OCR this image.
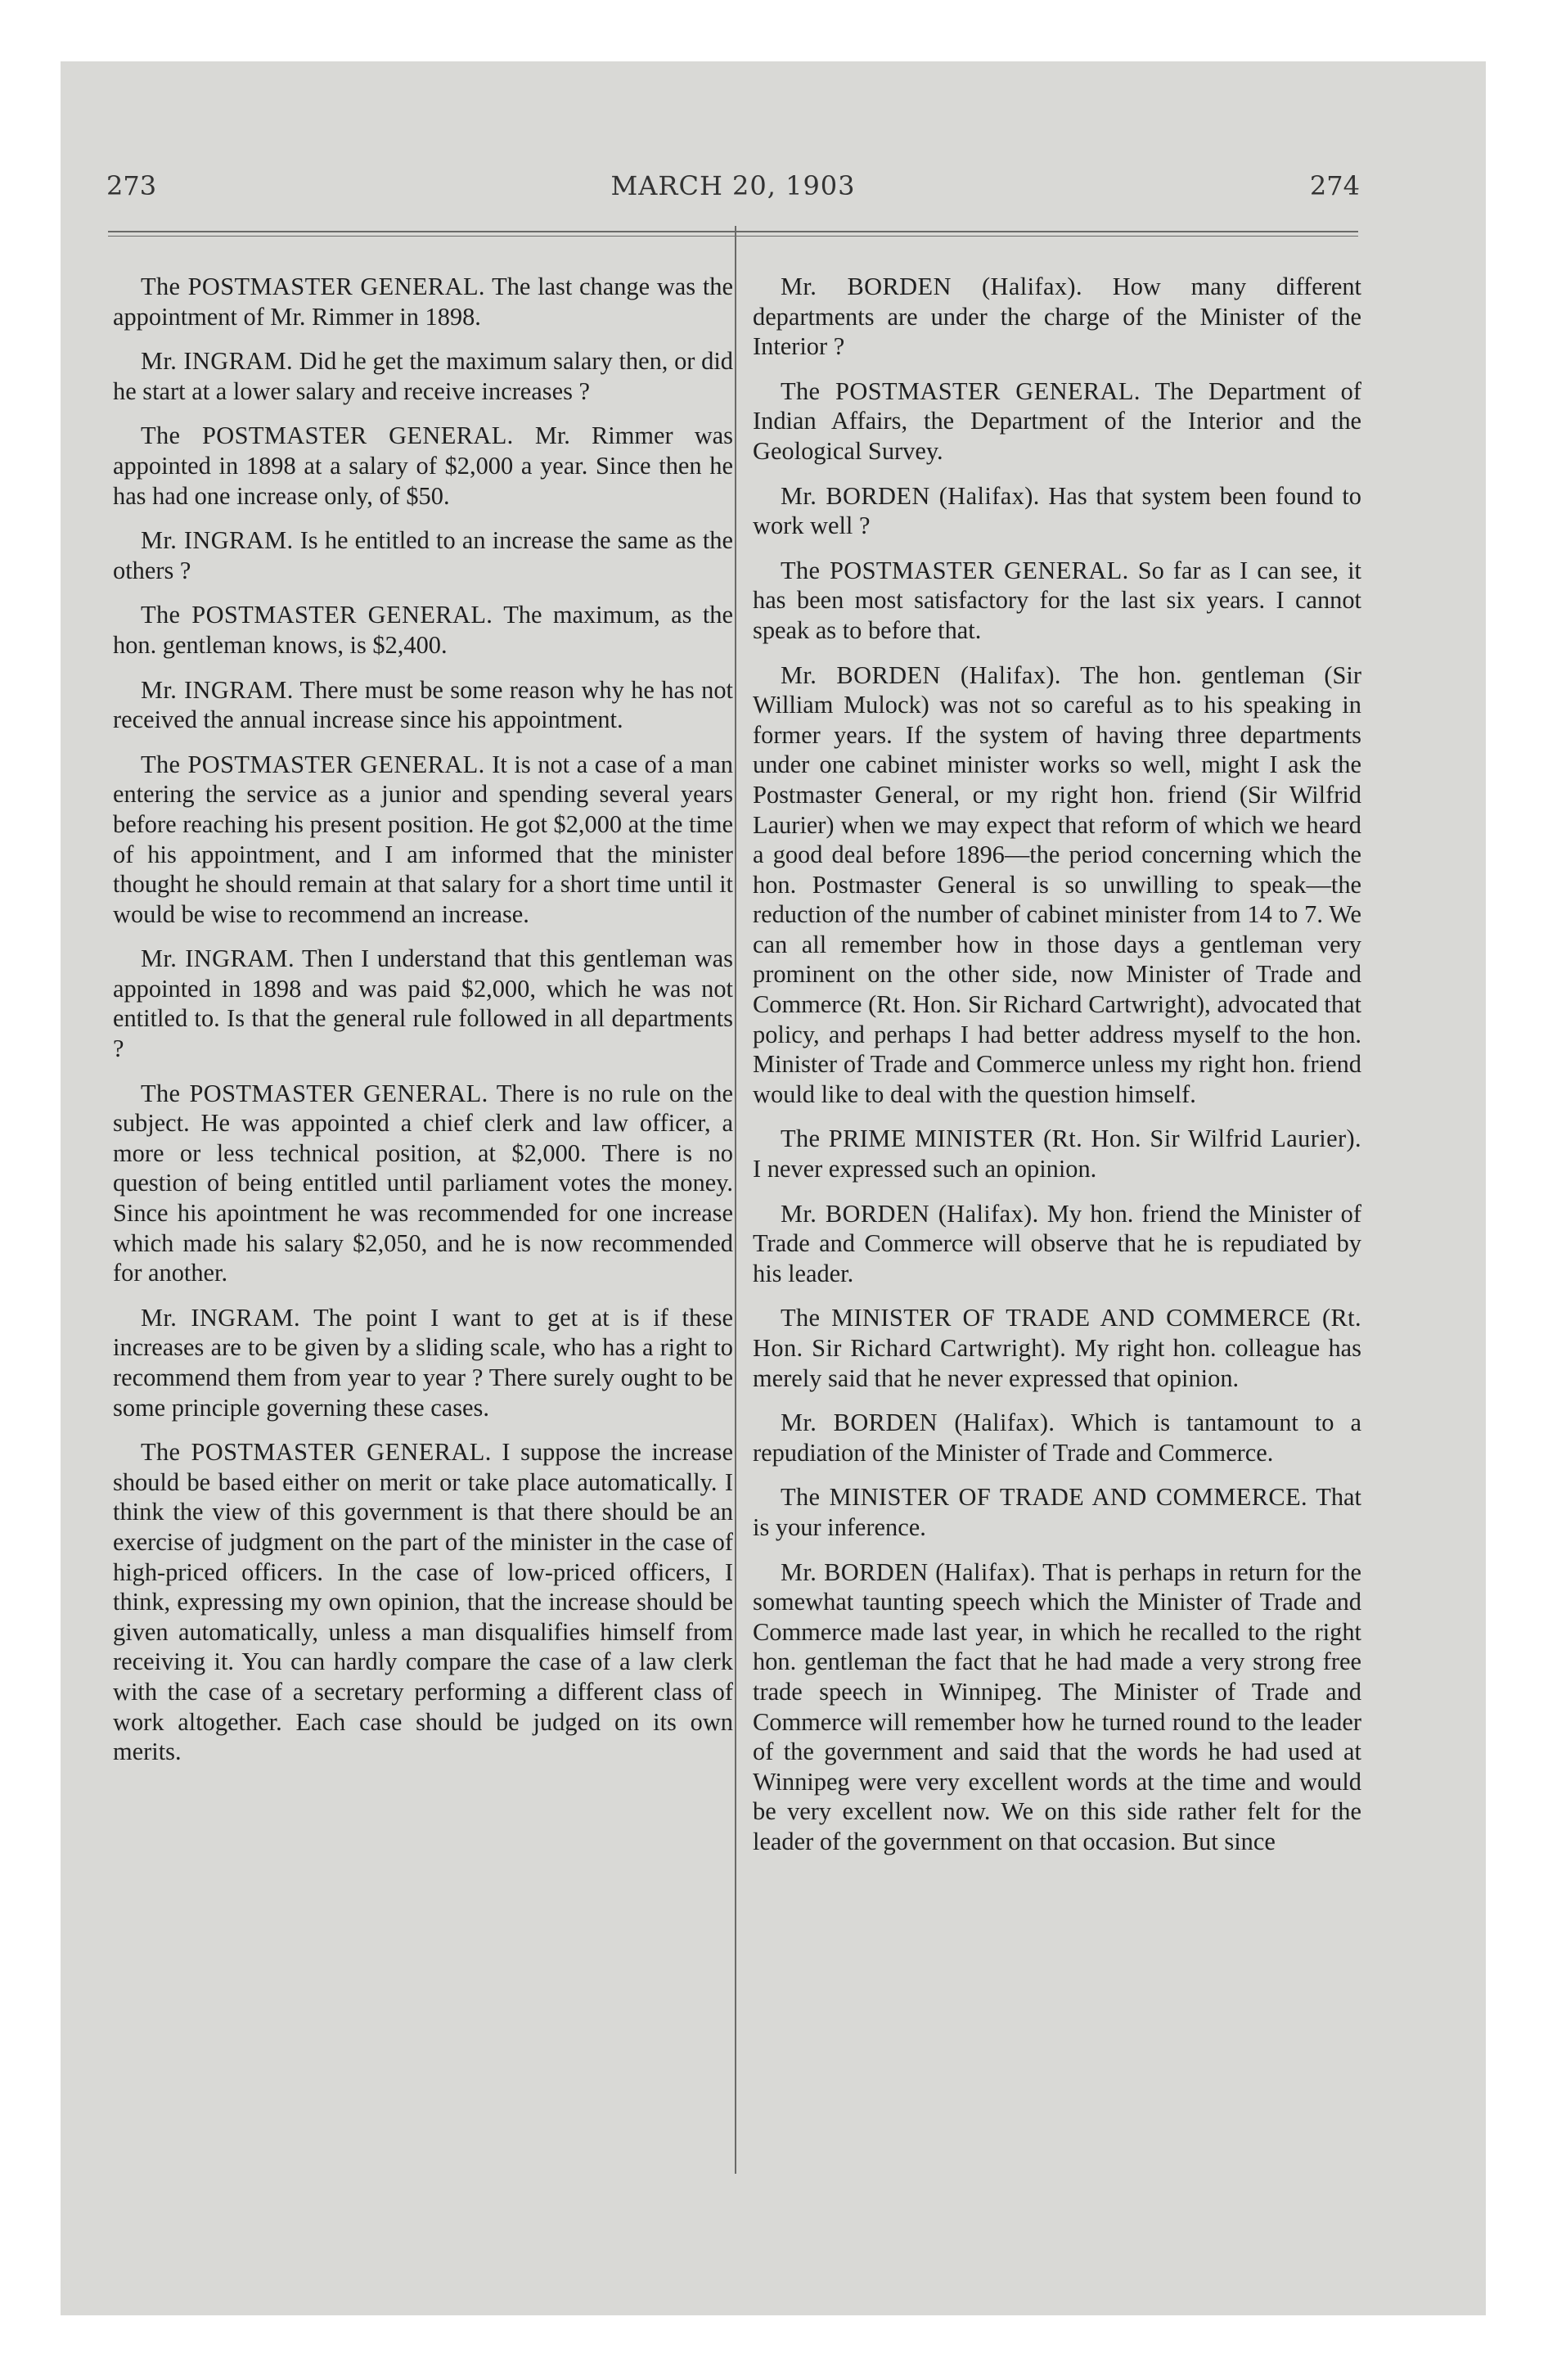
273	MARCH 20, 1903	274

The POSTMASTER GENERAL. The last change was the appointment of Mr. Rimmer in 1898.

Mr. INGRAM. Did he get the maximum salary then, or did he start at a lower salary and receive increases ?

The POSTMASTER GENERAL. Mr. Rimmer was appointed in 1898 at a salary of $2,000 a year. Since then he has had one increase only, of $50.

Mr. INGRAM. Is he entitled to an increase the same as the others ?

The POSTMASTER GENERAL. The maximum, as the hon. gentleman knows, is $2,400.

Mr. INGRAM. There must be some reason why he has not received the annual increase since his appointment.

The POSTMASTER GENERAL. It is not a case of a man entering the service as a junior and spending several years before reaching his present position. He got $2,000 at the time of his appointment, and I am informed that the minister thought he should remain at that salary for a short time until it would be wise to recommend an increase.

Mr. INGRAM. Then I understand that this gentleman was appointed in 1898 and was paid $2,000, which he was not entitled to. Is that the general rule followed in all departments ?

The POSTMASTER GENERAL. There is no rule on the subject. He was appointed a chief clerk and law officer, a more or less technical position, at $2,000. There is no question of being entitled until parliament votes the money. Since his apointment he was recommended for one increase which made his salary $2,050, and he is now recommended for another.

Mr. INGRAM. The point I want to get at is if these increases are to be given by a sliding scale, who has a right to recommend them from year to year ? There surely ought to be some principle governing these cases.

The POSTMASTER GENERAL. I suppose the increase should be based either on merit or take place automatically. I think the view of this government is that there should be an exercise of judgment on the part of the minister in the case of high-priced officers. In the case of low-priced officers, I think, expressing my own opinion, that the increase should be given automatically, unless a man disqualifies himself from receiving it. You can hardly compare the case of a law clerk with the case of a secretary performing a different class of work altogether. Each case should be judged on its own merits.

Mr. BORDEN (Halifax). How many different departments are under the charge of the Minister of the Interior ?

The POSTMASTER GENERAL. The Department of Indian Affairs, the Department of the Interior and the Geological Survey.

Mr. BORDEN (Halifax). Has that system been found to work well ?

The POSTMASTER GENERAL. So far as I can see, it has been most satisfactory for the last six years. I cannot speak as to before that.

Mr. BORDEN (Halifax). The hon. gentleman (Sir William Mulock) was not so careful as to his speaking in former years. If the system of having three departments under one cabinet minister works so well, might I ask the Postmaster General, or my right hon. friend (Sir Wilfrid Laurier) when we may expect that reform of which we heard a good deal before 1896—the period concerning which the hon. Postmaster General is so unwilling to speak—the reduction of the number of cabinet minister from 14 to 7. We can all remember how in those days a gentleman very prominent on the other side, now Minister of Trade and Commerce (Rt. Hon. Sir Richard Cartwright), advocated that policy, and perhaps I had better address myself to the hon. Minister of Trade and Commerce unless my right hon. friend would like to deal with the question himself.

The PRIME MINISTER (Rt. Hon. Sir Wilfrid Laurier). I never expressed such an opinion.

Mr. BORDEN (Halifax). My hon. friend the Minister of Trade and Commerce will observe that he is repudiated by his leader.

The MINISTER OF TRADE AND COMMERCE (Rt. Hon. Sir Richard Cartwright). My right hon. colleague has merely said that he never expressed that opinion.

Mr. BORDEN (Halifax). Which is tantamount to a repudiation of the Minister of Trade and Commerce.

The MINISTER OF TRADE AND COMMERCE. That is your inference.

Mr. BORDEN (Halifax). That is perhaps in return for the somewhat taunting speech which the Minister of Trade and Commerce made last year, in which he recalled to the right hon. gentleman the fact that he had made a very strong free trade speech in Winnipeg. The Minister of Trade and Commerce will remember how he turned round to the leader of the government and said that the words he had used at Winnipeg were very excellent words at the time and would be very excellent now. We on this side rather felt for the leader of the government on that occasion. But since
